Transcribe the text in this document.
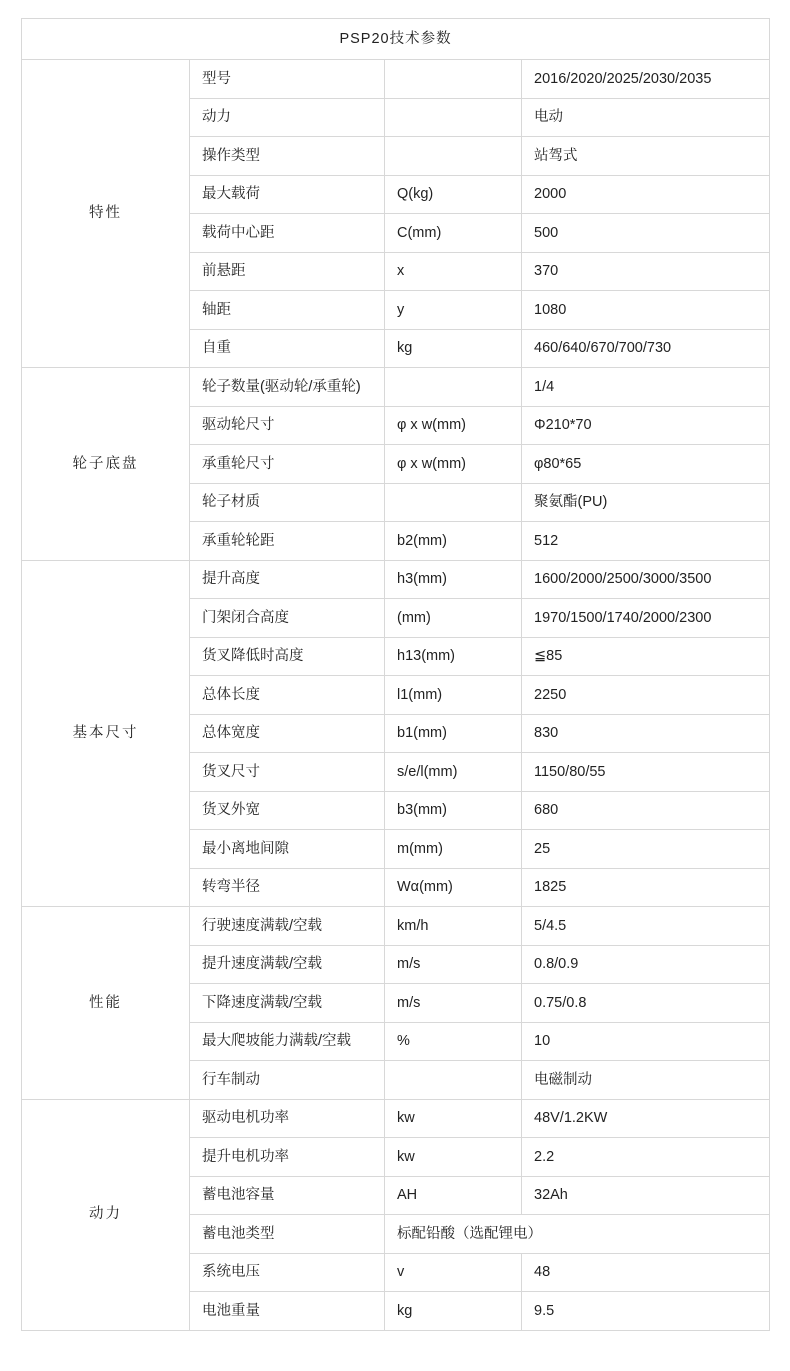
PSP20技术参数			
特性	型号		2016/2020/2025/2030/2035
	动力		电动
	操作类型		站驾式
	最大载荷	Q(kg)	2000
	载荷中心距	C(mm)	500
	前悬距	x	370
	轴距	y	1080
	自重	kg	460/640/670/700/730
轮子底盘	轮子数量(驱动轮/承重轮)		1/4
	驱动轮尺寸	φ x w(mm)	Φ210*70
	承重轮尺寸	φ x w(mm)	φ80*65
	轮子材质		聚氨酯(PU)
	承重轮轮距	b2(mm)	512
基本尺寸	提升高度	h3(mm)	1600/2000/2500/3000/3500
	门架闭合高度	(mm)	1970/1500/1740/2000/2300
	货叉降低时高度	h13(mm)	≦85
	总体长度	l1(mm)	2250
	总体宽度	b1(mm)	830
	货叉尺寸	s/e/l(mm)	1150/80/55
	货叉外宽	b3(mm)	680
	最小离地间隙	m(mm)	25
	转弯半径	Wα(mm)	1825
性能	行驶速度满载/空载	km/h	5/4.5
	提升速度满载/空载	m/s	0.8/0.9
	下降速度满载/空载	m/s	0.75/0.8
	最大爬坡能力满载/空载	%	10
	行车制动		电磁制动
动力	驱动电机功率	kw	48V/1.2KW
	提升电机功率	kw	2.2
	蓄电池容量	AH	32Ah
	蓄电池类型	标配铅酸（选配锂电）	
	系统电压	v	48
	电池重量	kg	9.5
